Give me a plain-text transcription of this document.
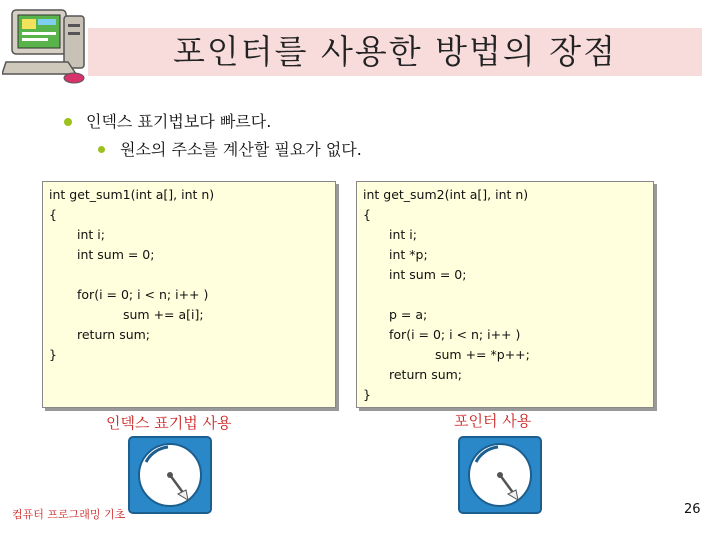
포인터를 사용한 방법의 장점
인덱스 표기법보다 빠르다.
원소의 주소를 계산할 필요가 없다.
int get_sum1(int a[], int n)
{
int i;
int sum = 0;
for(i = 0; i < n; i++ )
sum += a[i];
return sum;
}
int get_sum2(int a[], int n)
{
int i;
int *p;
int sum = 0;
p = a;
for(i = 0; i < n; i++ )
sum += *p++;
return sum;
}
인덱스 표기법 사용	포인터 사용
컴퓨터 프로그래밍 기초	26
